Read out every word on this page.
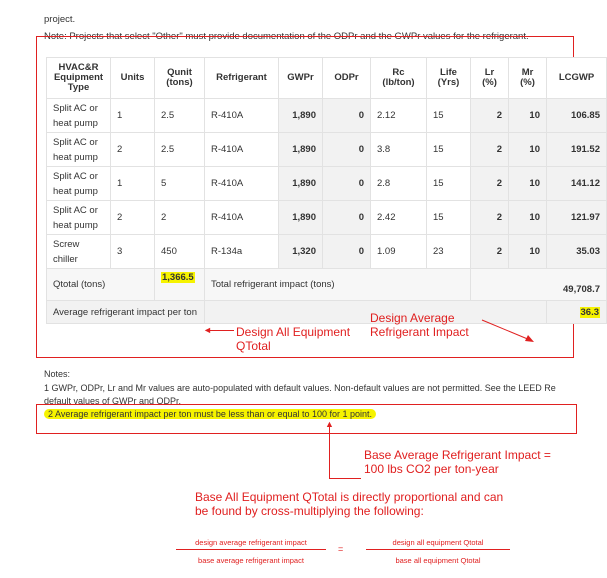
project.
Note: Projects that select "Other" must provide documentation of the ODPr and the GWPr values for the refrigerant.
HVAC&R Equipment Type	Units	Qunit (tons)	Refrigerant	GWPr	ODPr	Rc (lb/ton)	Life (Yrs)	Lr (%)	Mr (%)	LCGWP
Split AC or heat pump	1	2.5	R-410A	1,890	0	2.12	15	2	10	106.85
Split AC or heat pump	2	2.5	R-410A	1,890	0	3.8	15	2	10	191.52
Split AC or heat pump	1	5	R-410A	1,890	0	2.8	15	2	10	141.12
Split AC or heat pump	2	2	R-410A	1,890	0	2.42	15	2	10	121.97
Screw chiller	3	450	R-134a	1,320	0	1.09	23	2	10	35.03
Qtotal (tons)		1,366.5	Total refrigerant impact (tons)					49,708.7		
Average refrigerant impact per ton										36.3
Design All Equipment QTotal
◄
Design Average Refrigerant Impact
Notes:
1 GWPr, ODPr, Lr and Mr values are auto-populated with default values. Non-default values are not permitted. See the LEED Re
default values of GWPr and ODPr.
2 Average refrigerant impact per ton must be less than or equal to 100 for 1 point.
▲
Base Average Refrigerant Impact = 100 lbs CO2 per ton-year
Base All Equipment QTotal is directly proportional and can be found by cross-multiplying the following:
design average refrigerant impact
base average refrigerant impact
=
design all equipment Qtotal
base all equipment Qtotal
